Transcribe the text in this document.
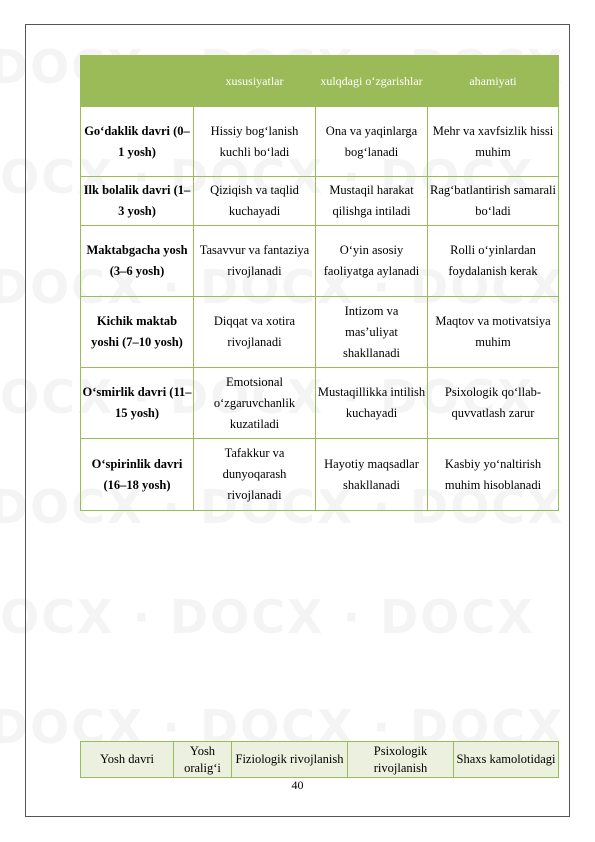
	xususiyatlar	xulqdagi o‘zgarishlar	ahamiyati
Go‘daklik davri (0–1 yosh)	Hissiy bog‘lanish kuchli bo‘ladi	Ona va yaqinlarga bog‘lanadi	Mehr va xavfsizlik hissi muhim
Ilk bolalik davri (1–3 yosh)	Qiziqish va taqlid kuchayadi	Mustaqil harakat qilishga intiladi	Rag‘batlantirish samarali bo‘ladi
Maktabgacha yosh (3–6 yosh)	Tasavvur va fantaziya rivojlanadi	O‘yin asosiy faoliyatga aylanadi	Rolli o‘yinlardan foydalanish kerak
Kichik maktab yoshi (7–10 yosh)	Diqqat va xotira rivojlanadi	Intizom va mas’uliyat shakllanadi	Maqtov va motivatsiya muhim
O‘smirlik davri (11–15 yosh)	Emotsional o‘zgaruvchanlik kuzatiladi	Mustaqillikka intilish kuchayadi	Psixologik qo‘llab-quvvatlash zarur
O‘spirinlik davri (16–18 yosh)	Tafakkur va dunyoqarash rivojlanadi	Hayotiy maqsadlar shakllanadi	Kasbiy yo‘naltirish muhim hisoblanadi
Yosh davri	Yosh oralig‘i	Fiziologik rivojlanish	Psixologik rivojlanish	Shaxs kamolotidagi
40
